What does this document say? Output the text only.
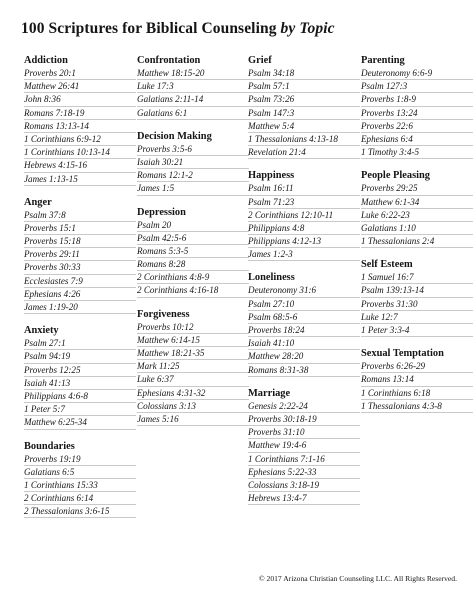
100 Scriptures for Biblical Counseling by Topic
Addiction
Proverbs 20:1
Matthew 26:41
John 8:36
Romans 7:18-19
Romans 13:13-14
1 Corinthians 6:9-12
1 Corinthians 10:13-14
Hebrews 4:15-16
James 1:13-15
Anger
Psalm 37:8
Proverbs 15:1
Proverbs 15:18
Proverbs 29:11
Proverbs 30:33
Ecclesiastes 7:9
Ephesians 4:26
James 1:19-20
Anxiety
Psalm 27:1
Psalm 94:19
Proverbs 12:25
Isaiah 41:13
Philippians 4:6-8
1 Peter 5:7
Matthew 6:25-34
Boundaries
Proverbs 19:19
Galatians 6:5
1 Corinthians 15:33
2 Corinthians 6:14
2 Thessalonians 3:6-15
Confrontation
Matthew 18:15-20
Luke 17:3
Galatians 2:11-14
Galatians 6:1
Decision Making
Proverbs 3:5-6
Isaiah 30:21
Romans 12:1-2
James 1:5
Depression
Psalm 20
Psalm 42:5-6
Romans 5:3-5
Romans 8:28
2 Corinthians 4:8-9
2 Corinthians 4:16-18
Forgiveness
Proverbs 10:12
Matthew 6:14-15
Matthew 18:21-35
Mark 11:25
Luke 6:37
Ephesians 4:31-32
Colossians 3:13
James 5:16
Grief
Psalm 34:18
Psalm 57:1
Psalm 73:26
Psalm 147:3
Matthew 5:4
1 Thessalonians 4:13-18
Revelation 21:4
Happiness
Psalm 16:11
Psalm 71:23
2 Corinthians 12:10-11
Philippians 4:8
Philippians 4:12-13
James 1:2-3
Loneliness
Deuteronomy 31:6
Psalm 27:10
Psalm 68:5-6
Proverbs 18:24
Isaiah 41:10
Matthew 28:20
Romans 8:31-38
Marriage
Genesis 2:22-24
Proverbs 30:18-19
Proverbs 31:10
Matthew 19:4-6
1 Corinthians 7:1-16
Ephesians 5:22-33
Colossians 3:18-19
Hebrews 13:4-7
Parenting
Deuteronomy 6:6-9
Psalm 127:3
Proverbs 1:8-9
Proverbs 13:24
Proverbs 22:6
Ephesians 6:4
1 Timothy 3:4-5
People Pleasing
Proverbs 29:25
Matthew 6:1-34
Luke 6:22-23
Galatians 1:10
1 Thessalonians 2:4
Self Esteem
1 Samuel 16:7
Psalm 139:13-14
Proverbs 31:30
Luke 12:7
1 Peter 3:3-4
Sexual Temptation
Proverbs 6:26-29
Romans 13:14
1 Corinthians 6:18
1 Thessalonians 4:3-8
© 2017 Arizona Christian Counseling LLC. All Rights Reserved.
